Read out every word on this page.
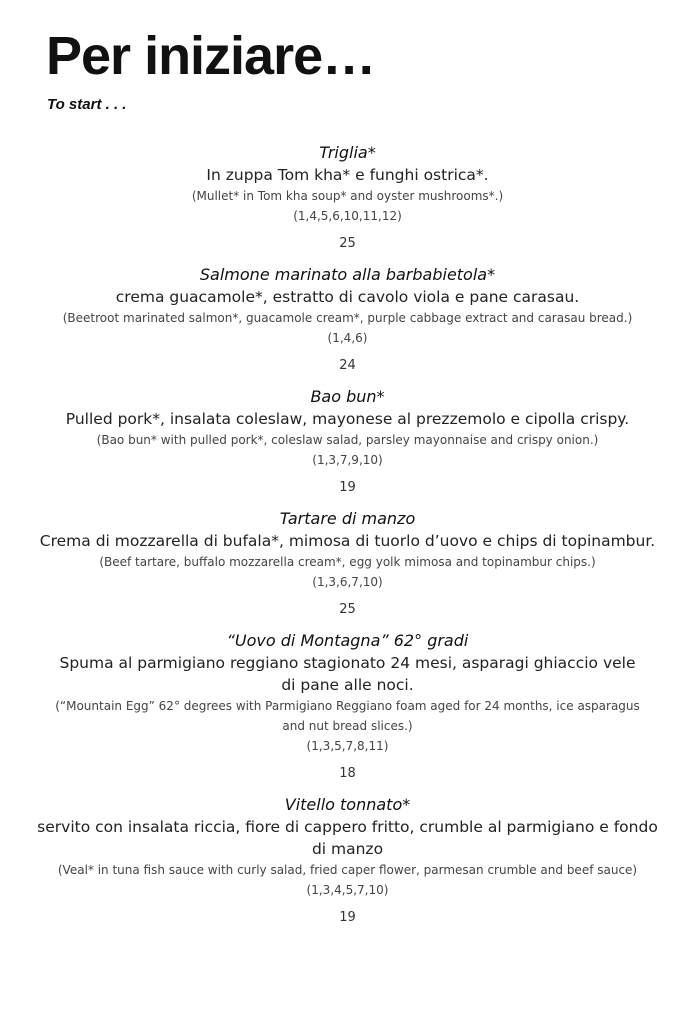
Per iniziare…

To start . . .

Triglia*

In zuppa Tom kha* e funghi ostrica*.

(Mullet* in Tom kha soup* and oyster mushrooms*.)

(1,4,5,6,10,11,12)

25

Salmone marinato alla barbabietola*

crema guacamole*, estratto di cavolo viola e pane carasau.

(Beetroot marinated salmon*, guacamole cream*, purple cabbage extract and carasau bread.)

(1,4,6)

24

Bao bun*

Pulled pork*, insalata coleslaw, mayonese al prezzemolo e cipolla crispy.

(Bao bun* with pulled pork*, coleslaw salad, parsley mayonnaise and crispy onion.)

(1,3,7,9,10)

19

Tartare di manzo

Crema di mozzarella di bufala*, mimosa di tuorlo d’uovo e chips di topinambur.

(Beef tartare, buffalo mozzarella cream*, egg yolk mimosa and topinambur chips.)

(1,3,6,7,10)

25

“Uovo di Montagna” 62° gradi

Spuma al parmigiano reggiano stagionato 24 mesi, asparagi ghiaccio vele di pane alle noci.

(“Mountain Egg” 62° degrees with Parmigiano Reggiano foam aged for 24 months, ice asparagus and nut bread slices.)

(1,3,5,7,8,11)

18

Vitello tonnato*

servito con insalata riccia, fiore di cappero fritto, crumble al parmigiano e fondo di manzo

(Veal* in tuna fish sauce with curly salad, fried caper flower, parmesan crumble and beef sauce)

(1,3,4,5,7,10)

19
